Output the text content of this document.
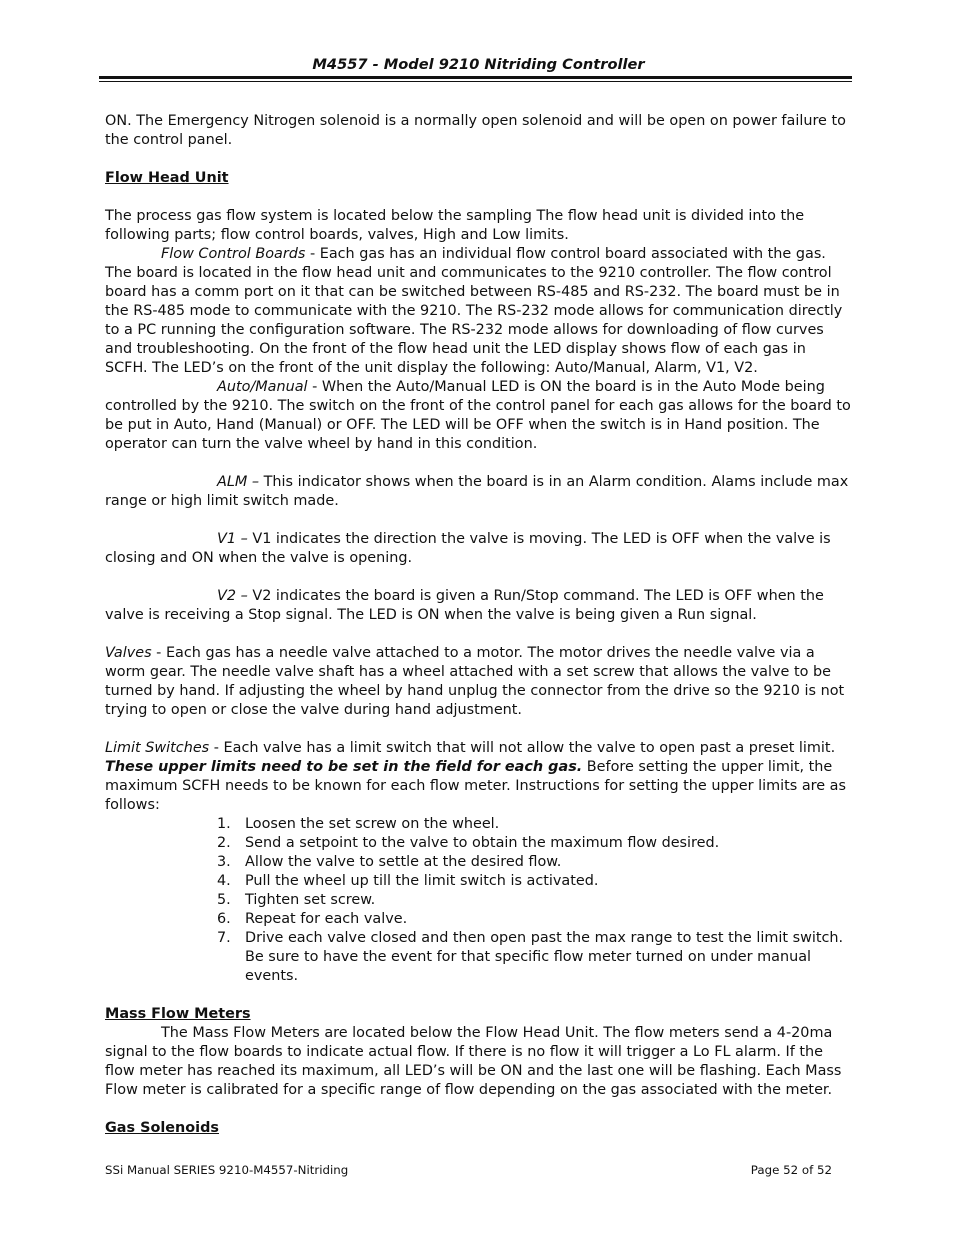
M4557 - Model 9210 Nitriding Controller

ON. The Emergency Nitrogen solenoid is a normally open solenoid and will be open on power failure to the control panel.

Flow Head Unit

The process gas flow system is located below the sampling The flow head unit is divided into the following parts; flow control boards, valves, High and Low limits.

Flow Control Boards - Each gas has an individual flow control board associated with the gas. The board is located in the flow head unit and communicates to the 9210 controller. The flow control board has a comm port on it that can be switched between RS-485 and RS-232. The board must be in the RS-485 mode to communicate with the 9210. The RS-232 mode allows for communication directly to a PC running the configuration software. The RS-232 mode allows for downloading of flow curves and troubleshooting. On the front of the flow head unit the LED display shows flow of each gas in SCFH. The LED’s on the front of the unit display the following: Auto/Manual, Alarm, V1, V2.

Auto/Manual - When the Auto/Manual LED is ON the board is in the Auto Mode being controlled by the 9210. The switch on the front of the control panel for each gas allows for the board to be put in Auto, Hand (Manual) or OFF. The LED will be OFF when the switch is in Hand position. The operator can turn the valve wheel by hand in this condition.

ALM – This indicator shows when the board is in an Alarm condition. Alams include max range or high limit switch made.

V1 – V1 indicates the direction the valve is moving. The LED is OFF when the valve is closing and ON when the valve is opening.

V2 – V2 indicates the board is given a Run/Stop command. The LED is OFF when the valve is receiving a Stop signal. The LED is ON when the valve is being given a Run signal.

Valves - Each gas has a needle valve attached to a motor. The motor drives the needle valve via a worm gear. The needle valve shaft has a wheel attached with a set screw that allows the valve to be turned by hand. If adjusting the wheel by hand unplug the connector from the drive so the 9210 is not trying to open or close the valve during hand adjustment.

Limit Switches - Each valve has a limit switch that will not allow the valve to open past a preset limit. These upper limits need to be set in the field for each gas. Before setting the upper limit, the maximum SCFH needs to be known for each flow meter. Instructions for setting the upper limits are as follows:

1. Loosen the set screw on the wheel.
2. Send a setpoint to the valve to obtain the maximum flow desired.
3. Allow the valve to settle at the desired flow.
4. Pull the wheel up till the limit switch is activated.
5. Tighten set screw.
6. Repeat for each valve.
7. Drive each valve closed and then open past the max range to test the limit switch. Be sure to have the event for that specific flow meter turned on under manual events.

Mass Flow Meters

The Mass Flow Meters are located below the Flow Head Unit. The flow meters send a 4-20ma signal to the flow boards to indicate actual flow. If there is no flow it will trigger a Lo FL alarm. If the flow meter has reached its maximum, all LED’s will be ON and the last one will be flashing. Each Mass Flow meter is calibrated for a specific range of flow depending on the gas associated with the meter.

Gas Solenoids

SSi Manual SERIES 9210-M4557-Nitriding	Page 52 of 52
